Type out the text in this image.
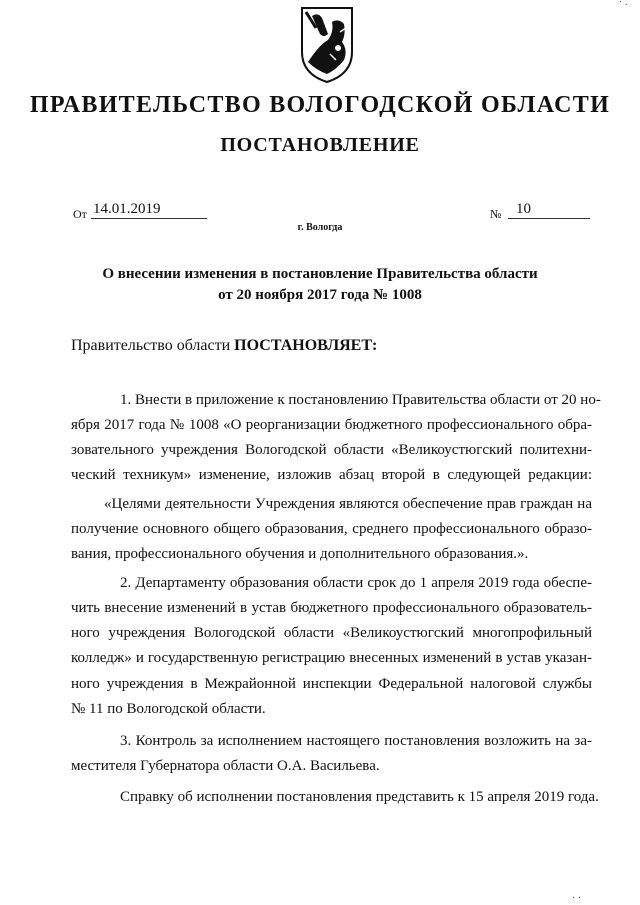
˙ ·
ПРАВИТЕЛЬСТВО ВОЛОГОДСКОЙ ОБЛАСТИ
ПОСТАНОВЛЕНИЕ
От 14.01.2019	№ 10
г. Вологда
О внесении изменения в постановление Правительства области
от 20 ноября 2017 года № 1008
Правительство области ПОСТАНОВЛЯЕТ:
1. Внести в приложение к постановлению Правительства области от 20 но-
ября 2017 года № 1008 «О реорганизации бюджетного профессионального обра-
зовательного учреждения Вологодской области «Великоустюгский политехни-
ческий техникум» изменение, изложив абзац второй в следующей редакции:
«Целями деятельности Учреждения являются обеспечение прав граждан на
получение основного общего образования, среднего профессионального образо-
вания, профессионального обучения и дополнительного образования.».
2. Департаменту образования области срок до 1 апреля 2019 года обеспе-
чить внесение изменений в устав бюджетного профессионального образователь-
ного учреждения Вологодской области «Великоустюгский многопрофильный
колледж» и государственную регистрацию внесенных изменений в устав указан-
ного учреждения в Межрайонной инспекции Федеральной налоговой службы
№ 11 по Вологодской области.
3. Контроль за исполнением настоящего постановления возложить на за-
местителя Губернатора области О.А. Васильева.
Справку об исполнении постановления представить к 15 апреля 2019 года.
· ·
